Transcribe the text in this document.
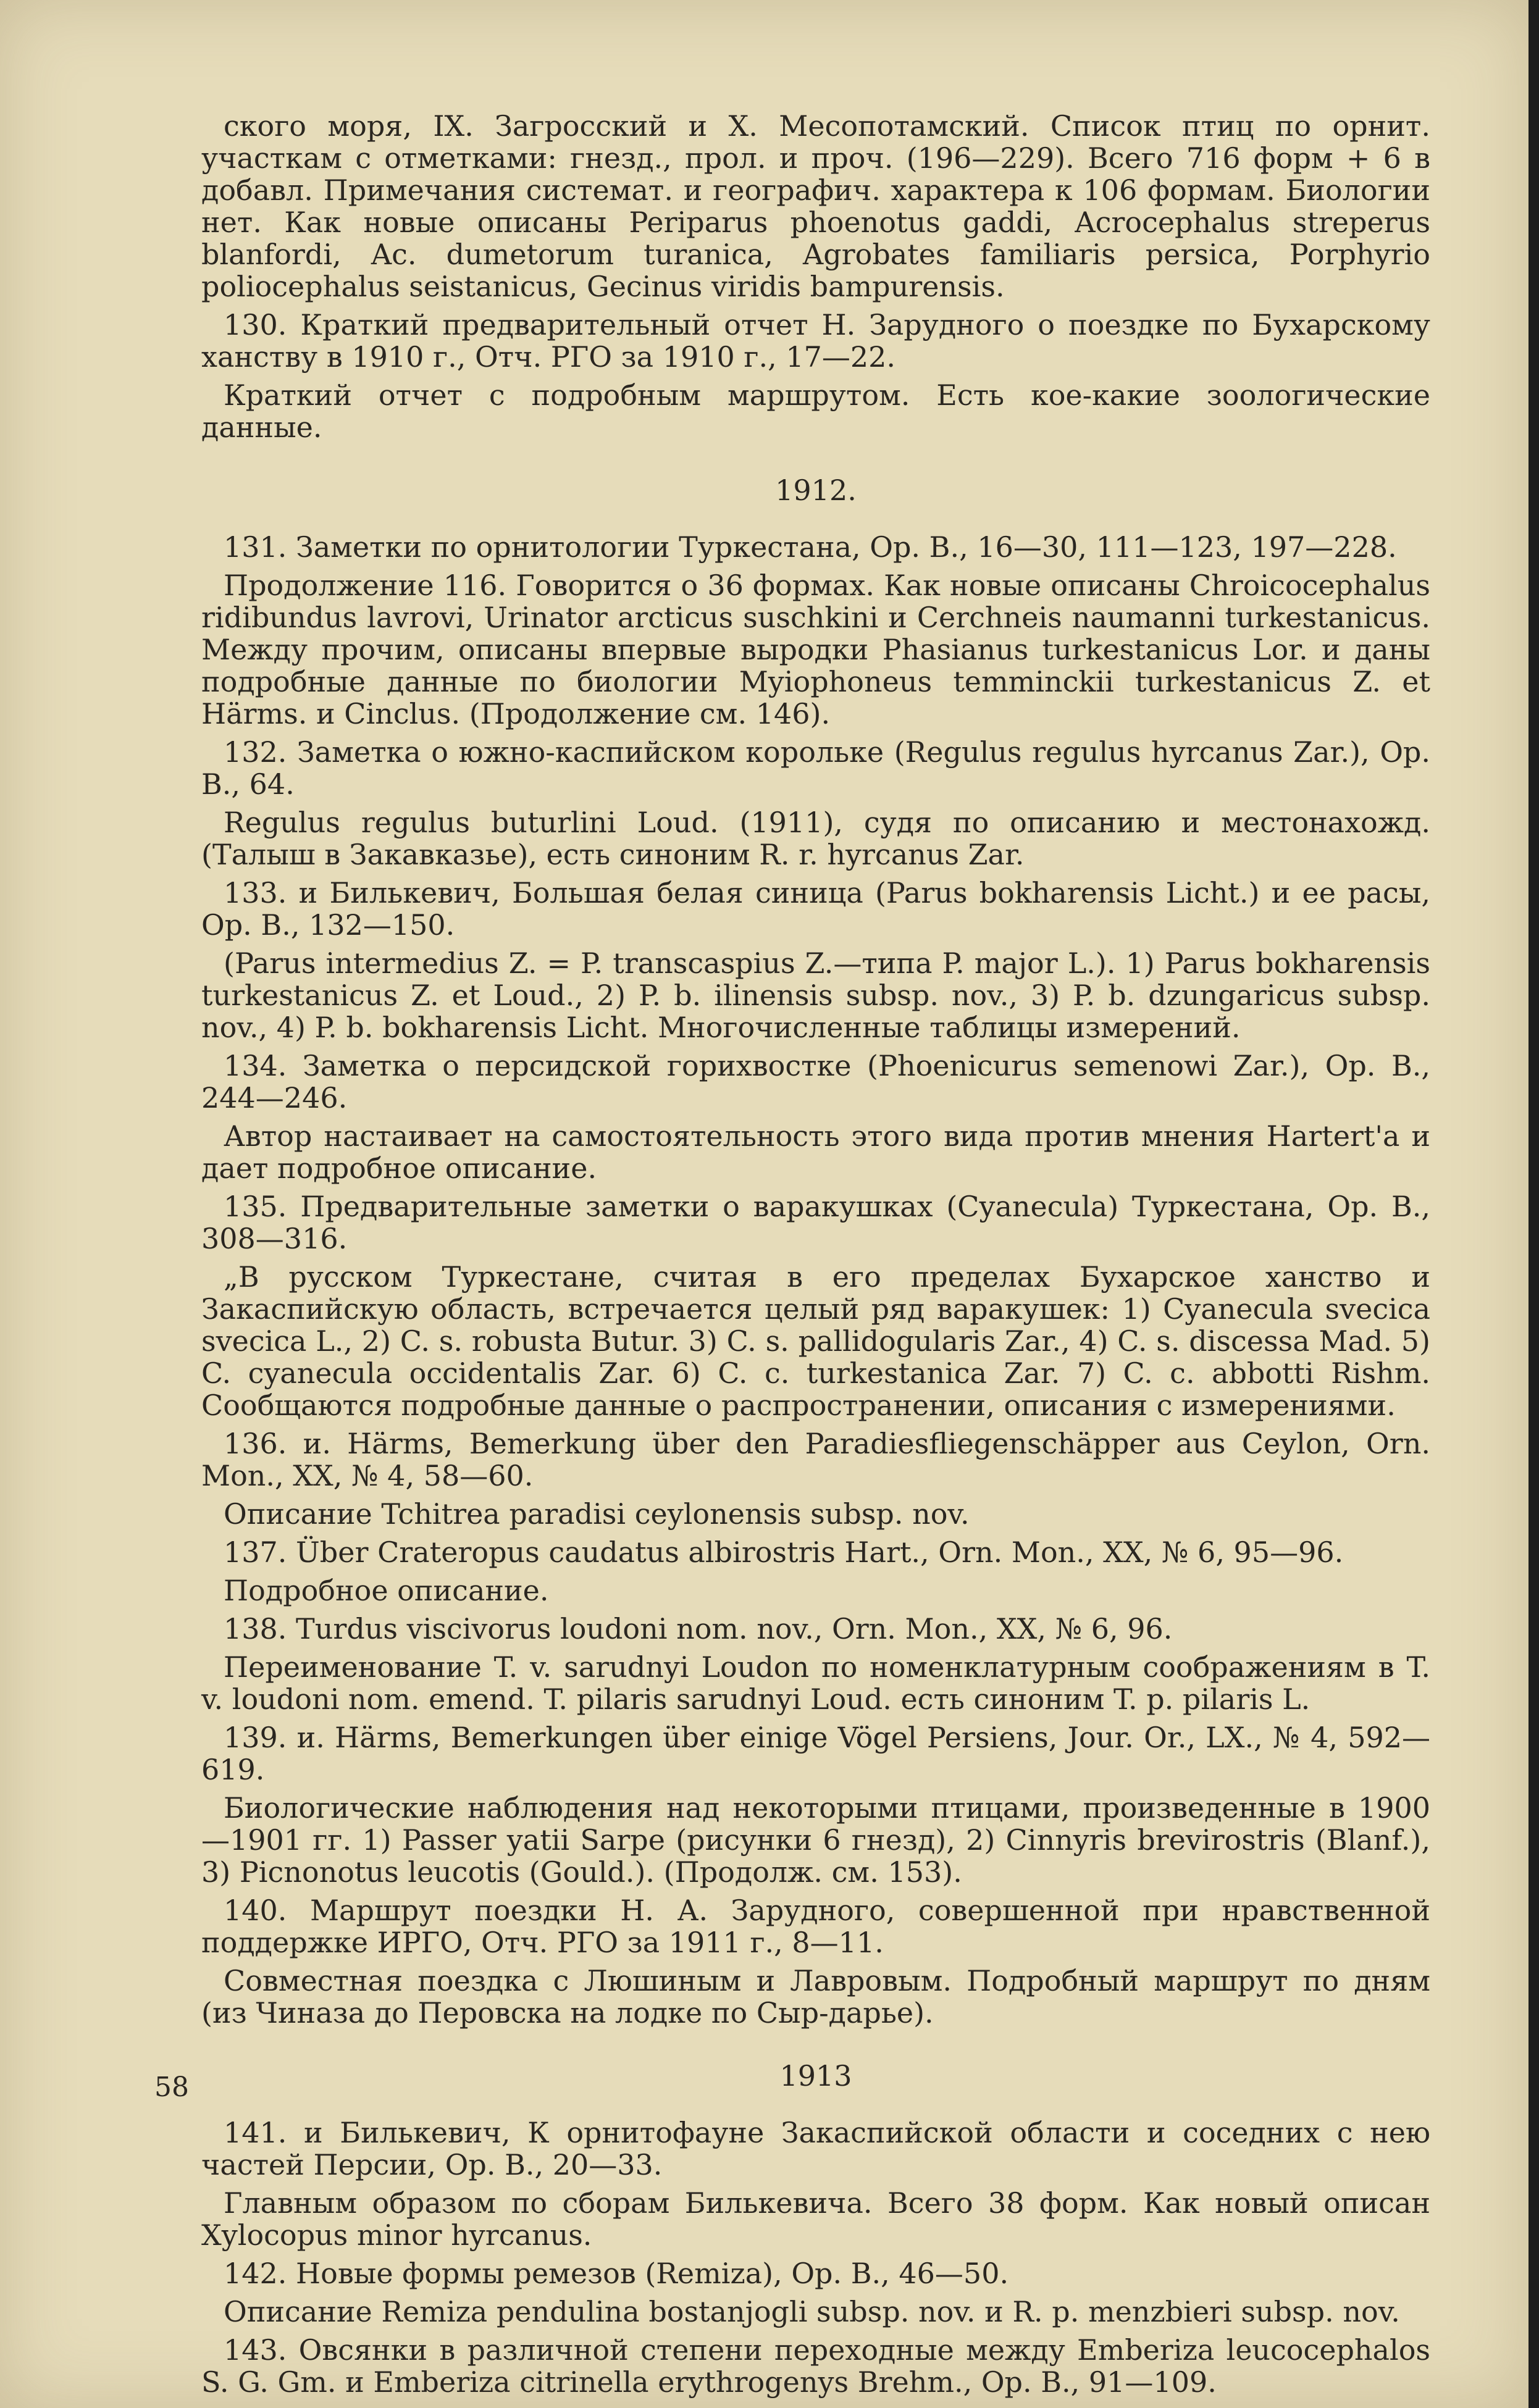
ского моря, IX. Загросский и X. Месопотамский. Список птиц по орнит. участкам с отметками: гнезд., прол. и проч. (196—229). Всего 716 форм + 6 в добавл. Примечания системат. и географич. характера к 106 формам. Биологии нет. Как новые описаны Periparus phoenotus gaddi, Acrocephalus streperus blanfordi, Ac. dumetorum turanica, Agrobates familiaris persica, Porphyrio poliocephalus seistanicus, Gecinus viridis bampurensis.
130. Краткий предварительный отчет Н. Зарудного о поездке по Бухарскому ханству в 1910 г., Отч. РГО за 1910 г., 17—22.
Краткий отчет с подробным маршрутом. Есть кое-какие зоологические данные.
1912.
131. Заметки по орнитологии Туркестана, Ор. В., 16—30, 111—123, 197—228.
Продолжение 116. Говорится о 36 формах. Как новые описаны Chroicocephalus ridibundus lavrovi, Urinator arcticus suschkini и Cerchneis naumanni turkestanicus. Между прочим, описаны впервые выродки Phasianus turkestanicus Lor. и даны подробные данные по биологии Myiophoneus temminckii turkestanicus Z. et Härms. и Cinclus. (Продолжение см. 146).
132. Заметка о южно-каспийском корольке (Regulus regulus hyrcanus Zar.), Ор. В., 64.
Regulus regulus buturlini Loud. (1911), судя по описанию и местонахожд. (Талыш в Закавказье), есть синоним R. r. hyrcanus Zar.
133. и Билькевич, Большая белая синица (Parus bokharensis Licht.) и ее расы, Ор. В., 132—150.
(Parus intermedius Z. = P. transcaspius Z.—типа P. major L.). 1) Parus bokharensis turkestanicus Z. et Loud., 2) P. b. ilinensis subsp. nov., 3) P. b. dzungaricus subsp. nov., 4) P. b. bokharensis Licht. Многочисленные таблицы измерений.
134. Заметка о персидской горихвостке (Phoenicurus semenowi Zar.), Ор. В., 244—246.
Автор настаивает на самостоятельность этого вида против мнения Hartert'a и дает подробное описание.
135. Предварительные заметки о варакушках (Cyanecula) Туркестана, Ор. В., 308—316.
„В русском Туркестане, считая в его пределах Бухарское ханство и Закаспийскую область, встречается целый ряд варакушек: 1) Cyanecula svecica svecica L., 2) C. s. robusta Butur. 3) C. s. pallidogularis Zar., 4) C. s. discessa Mad. 5) C. cyanecula occidentalis Zar. 6) C. c. turkestanica Zar. 7) C. c. abbotti Rishm. Сообщаются подробные данные о распространении, описания с измерениями.
136. и. Härms, Bemerkung über den Paradiesfliegenschäpper aus Ceylon, Orn. Mon., XX, № 4, 58—60.
Описание Tchitrea paradisi ceylonensis subsp. nov.
137. Über Crateropus caudatus albirostris Hart., Orn. Mon., XX, № 6, 95—96.
Подробное описание.
138. Turdus viscivorus loudoni nom. nov., Orn. Mon., XX, № 6, 96.
Переименование T. v. sarudnyi Loudon по номенклатурным соображениям в T. v. loudoni nom. emend. T. pilaris sarudnyi Loud. есть синоним T. p. pilaris L.
139. и. Härms, Bemerkungen über einige Vögel Persiens, Jour. Or., LX., № 4, 592—619.
Биологические наблюдения над некоторыми птицами, произведенные в 1900—1901 гг. 1) Passer yatii Sarpe (рисунки 6 гнезд), 2) Cinnyris brevirostris (Blanf.), 3) Picnonotus leucotis (Gould.). (Продолж. см. 153).
140. Маршрут поездки Н. А. Зарудного, совершенной при нравственной поддержке ИРГО, Отч. РГО за 1911 г., 8—11.
Совместная поездка с Люшиным и Лавровым. Подробный маршрут по дням (из Чиназа до Перовска на лодке по Сыр-дарье).
1913
141. и Билькевич, К орнитофауне Закаспийской области и соседних с нею частей Персии, Ор. В., 20—33.
Главным образом по сборам Билькевича. Всего 38 форм. Как новый описан Xylocopus minor hyrcanus.
142. Новые формы ремезов (Remiza), Ор. В., 46—50.
Описание Remiza pendulina bostanjogli subsp. nov. и R. p. menzbieri subsp. nov.
143. Овсянки в различной степени переходные между Emberiza leucocephalos S. G. Gm. и Emberiza citrinella erythrogenys Brehm., Ор. В., 91—109.
58
